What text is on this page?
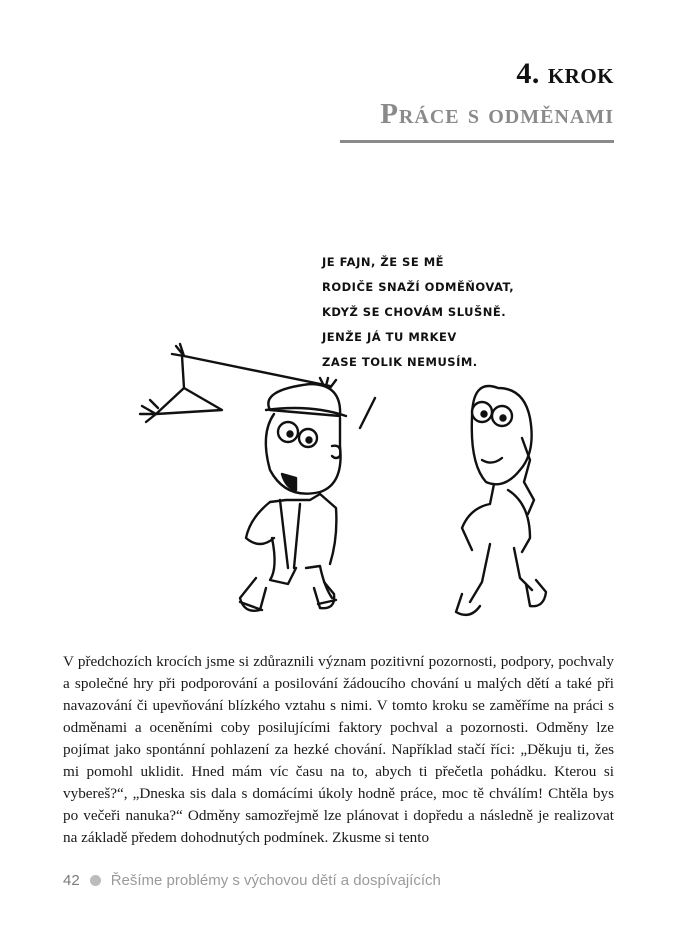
4. krok
Práce s odměnami
JE FAJN, ŽE SE MĚ
RODIČE SNAŽÍ ODMĚŇOVAT,
KDYŽ SE CHOVÁM SLUŠNĚ.
JENŽE JÁ TU MRKEV
ZASE TOLIK NEMUSÍM.

V předchozích krocích jsme si zdůraznili význam pozitivní pozornosti, podpory, pochvaly a společné hry při podporování a posilování žádoucího chování u malých dětí a také při navazování či upevňování blízkého vztahu s nimi. V tomto kroku se zaměříme na práci s odměnami a oceněními coby posilujícími faktory pochval a pozornosti. Odměny lze pojímat jako spontánní pohlazení za hezké chování. Například stačí říci: „Děkuju ti, žes mi pomohl uklidit. Hned mám víc času na to, abych ti přečetla pohádku. Kterou si vybereš?“, „Dneska sis dala s domácími úkoly hodně práce, moc tě chválím! Chtěla bys po večeři nanuka?“ Odměny samozřejmě lze plánovat i dopředu a následně je realizovat na základě předem dohodnutých podmínek. Zkusme si tento

42 Řešíme problémy s výchovou dětí a dospívajících
